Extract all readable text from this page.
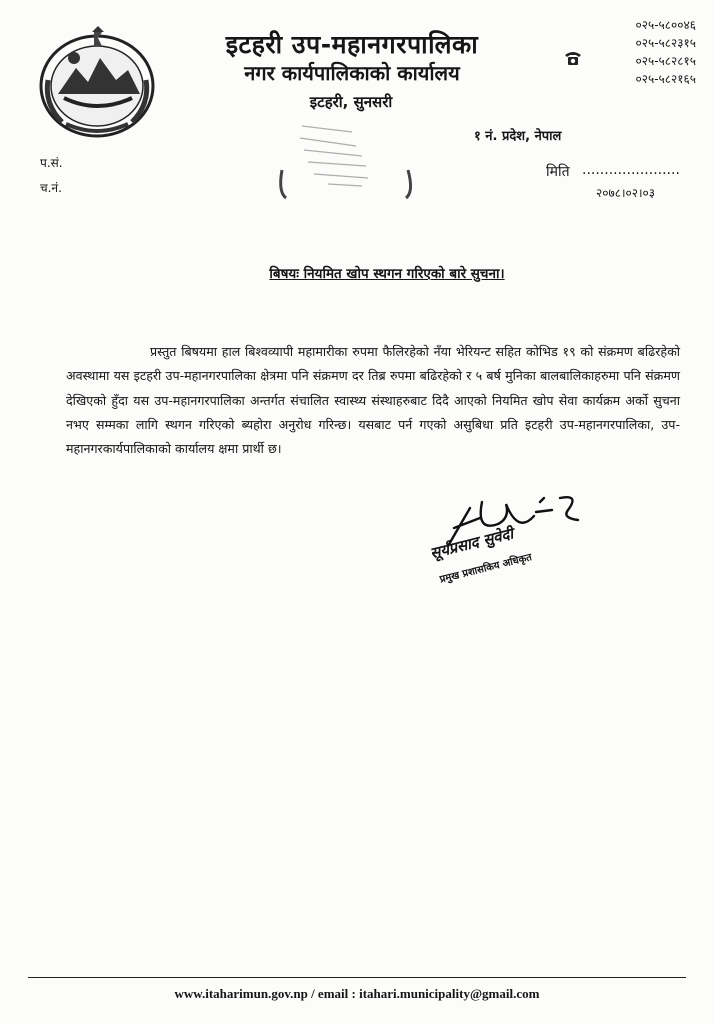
इटहरी उप-महानगरपालिका
नगर कार्यपालिकाको कार्यालय
इटहरी, सुनसरी
०२५-५८००४६
०२५-५८२३१५
०२५-५८२८१५
०२५-५८२१६५
१ नं. प्रदेश, नेपाल
प.सं.
च.नं.
मिति ......................
२०७८।०२।०३
बिषयः नियमित खोप स्थगन गरिएको बारे सुचना।
प्रस्तुत बिषयमा हाल बिश्वव्यापी महामारीका रुपमा फैलिरहेको नँया भेरियन्ट सहित कोभिड १९ को संक्रमण बढिरहेको अवस्थामा यस इटहरी उप-महानगरपालिका क्षेत्रमा पनि संक्रमण दर तिब्र रुपमा बढिरहेको र ५ बर्ष मुनिका बालबालिकाहरुमा पनि संक्रमण देखिएको हुँदा यस उप-महानगरपालिका अन्तर्गत संचालित स्वास्थ्य संस्थाहरुबाट दिदै आएको नियमित खोप सेवा कार्यक्रम अर्को सुचना नभए सम्मका लागि स्थगन गरिएको ब्यहोरा अनुरोध गरिन्छ। यसबाट पर्न गएको असुबिधा प्रति इटहरी उप-महानगरपालिका, उप-महानगरकार्यपालिकाको कार्यालय क्षमा प्रार्थी छ।
सूर्यप्रसाद सुवेदी
प्रमुख प्रशासकिय अधिकृत
www.itaharimun.gov.np / email : itahari.municipality@gmail.com
